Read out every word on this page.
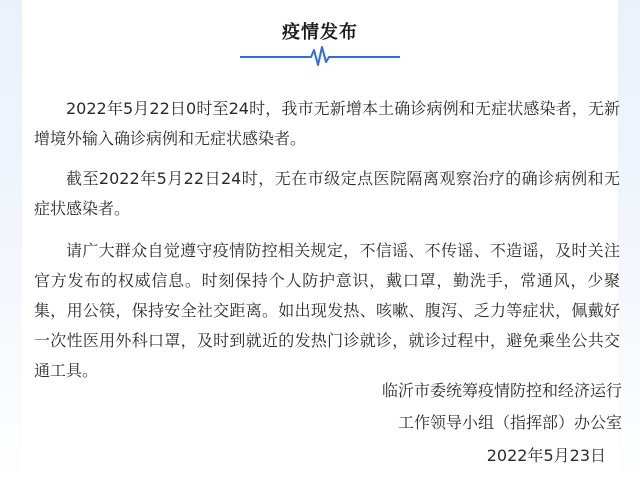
疫情发布

2022年5月22日0时至24时，我市无新增本土确诊病例和无症状感染者，无新增境外输入确诊病例和无症状感染者。

截至2022年5月22日24时，无在市级定点医院隔离观察治疗的确诊病例和无症状感染者。

请广大群众自觉遵守疫情防控相关规定，不信谣、不传谣、不造谣，及时关注官方发布的权威信息。时刻保持个人防护意识，戴口罩，勤洗手，常通风，少聚集，用公筷，保持安全社交距离。如出现发热、咳嗽、腹泻、乏力等症状，佩戴好一次性医用外科口罩，及时到就近的发热门诊就诊，就诊过程中，避免乘坐公共交通工具。

临沂市委统筹疫情防控和经济运行
工作领导小组（指挥部）办公室
2022年5月23日
